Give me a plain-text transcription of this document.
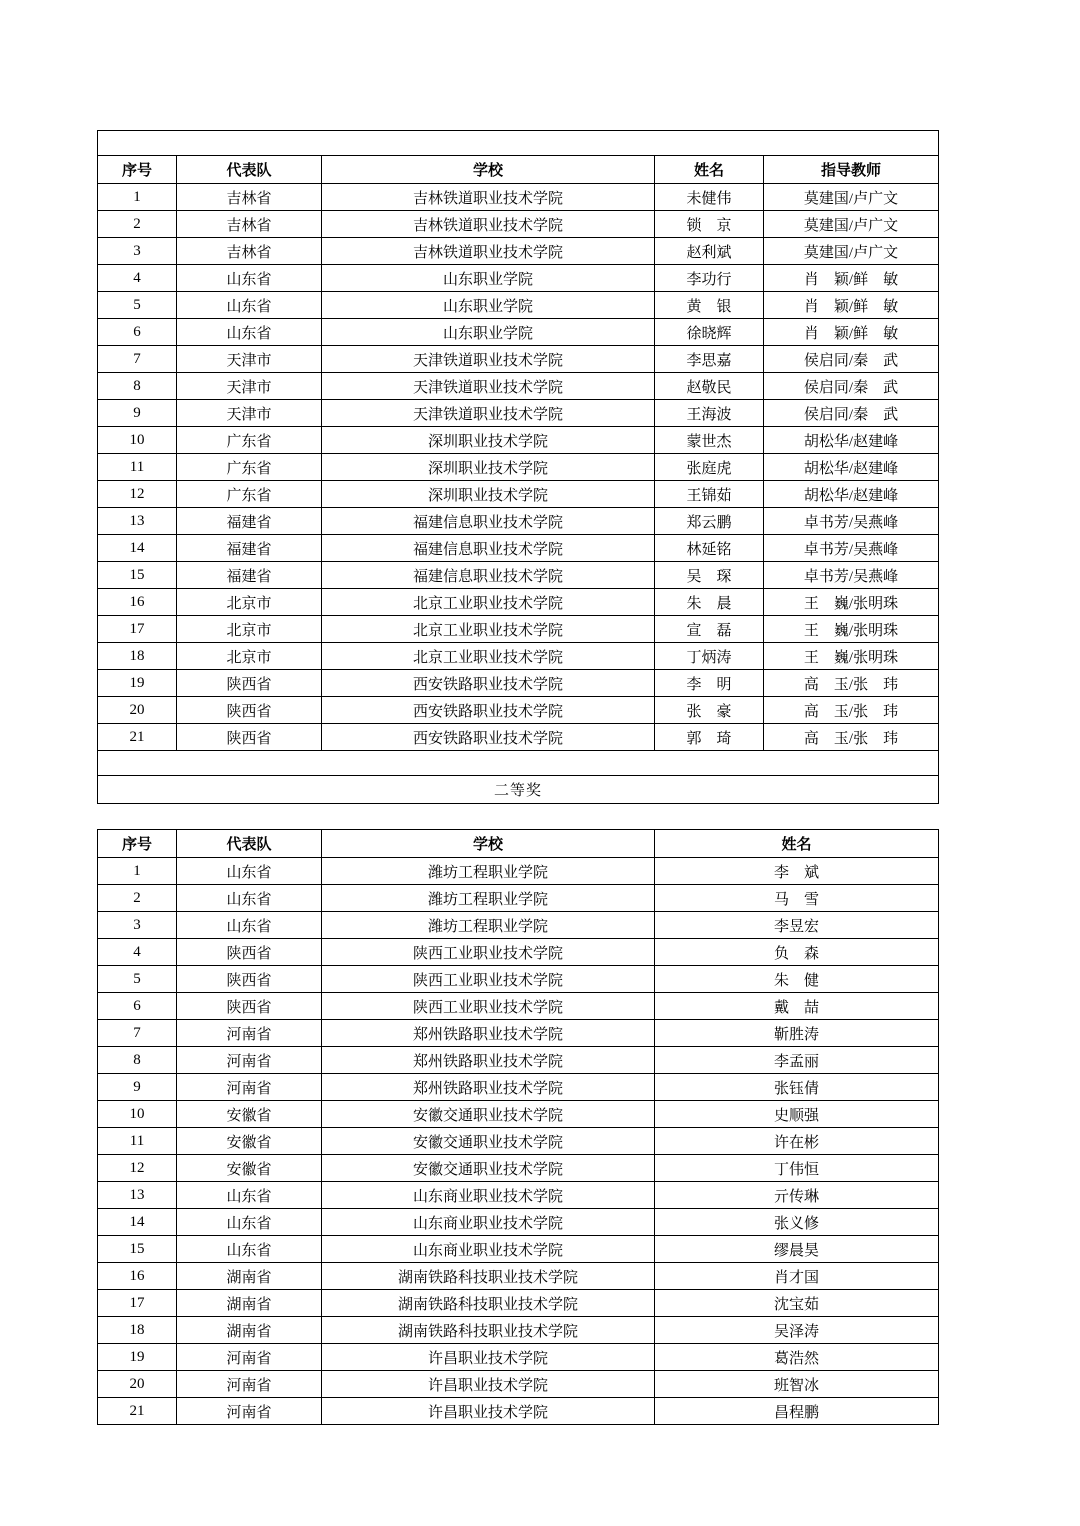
序号	代表队	学校	姓名	指导教师
1	吉林省	吉林铁道职业技术学院	未健伟	莫建国/卢广文
2	吉林省	吉林铁道职业技术学院	锁　京	莫建国/卢广文
3	吉林省	吉林铁道职业技术学院	赵利斌	莫建国/卢广文
4	山东省	山东职业学院	李功行	肖　颖/鲜　敏
5	山东省	山东职业学院	黄　银	肖　颖/鲜　敏
6	山东省	山东职业学院	徐晓辉	肖　颖/鲜　敏
7	天津市	天津铁道职业技术学院	李思嘉	侯启同/秦　武
8	天津市	天津铁道职业技术学院	赵敬民	侯启同/秦　武
9	天津市	天津铁道职业技术学院	王海波	侯启同/秦　武
10	广东省	深圳职业技术学院	蒙世杰	胡松华/赵建峰
11	广东省	深圳职业技术学院	张庭虎	胡松华/赵建峰
12	广东省	深圳职业技术学院	王锦茹	胡松华/赵建峰
13	福建省	福建信息职业技术学院	郑云鹏	卓书芳/吴燕峰
14	福建省	福建信息职业技术学院	林延铭	卓书芳/吴燕峰
15	福建省	福建信息职业技术学院	吴　琛	卓书芳/吴燕峰
16	北京市	北京工业职业技术学院	朱　晨	王　巍/张明珠
17	北京市	北京工业职业技术学院	宣　磊	王　巍/张明珠
18	北京市	北京工业职业技术学院	丁炳涛	王　巍/张明珠
19	陕西省	西安铁路职业技术学院	李　明	高　玉/张　玮
20	陕西省	西安铁路职业技术学院	张　豪	高　玉/张　玮
21	陕西省	西安铁路职业技术学院	郭　琦	高　玉/张　玮

二等奖				
序号	代表队	学校	姓名
1	山东省	潍坊工程职业学院	李　斌
2	山东省	潍坊工程职业学院	马　雪
3	山东省	潍坊工程职业学院	李昱宏
4	陕西省	陕西工业职业技术学院	负　森
5	陕西省	陕西工业职业技术学院	朱　健
6	陕西省	陕西工业职业技术学院	戴　喆
7	河南省	郑州铁路职业技术学院	靳胜涛
8	河南省	郑州铁路职业技术学院	李孟丽
9	河南省	郑州铁路职业技术学院	张钰倩
10	安徽省	安徽交通职业技术学院	史顺强
11	安徽省	安徽交通职业技术学院	许在彬
12	安徽省	安徽交通职业技术学院	丁伟恒
13	山东省	山东商业职业技术学院	亓传琳
14	山东省	山东商业职业技术学院	张义修
15	山东省	山东商业职业技术学院	缪晨昊
16	湖南省	湖南铁路科技职业技术学院	肖才国
17	湖南省	湖南铁路科技职业技术学院	沈宝茹
18	湖南省	湖南铁路科技职业技术学院	吴泽涛
19	河南省	许昌职业技术学院	葛浩然
20	河南省	许昌职业技术学院	班智冰
21	河南省	许昌职业技术学院	昌程鹏
